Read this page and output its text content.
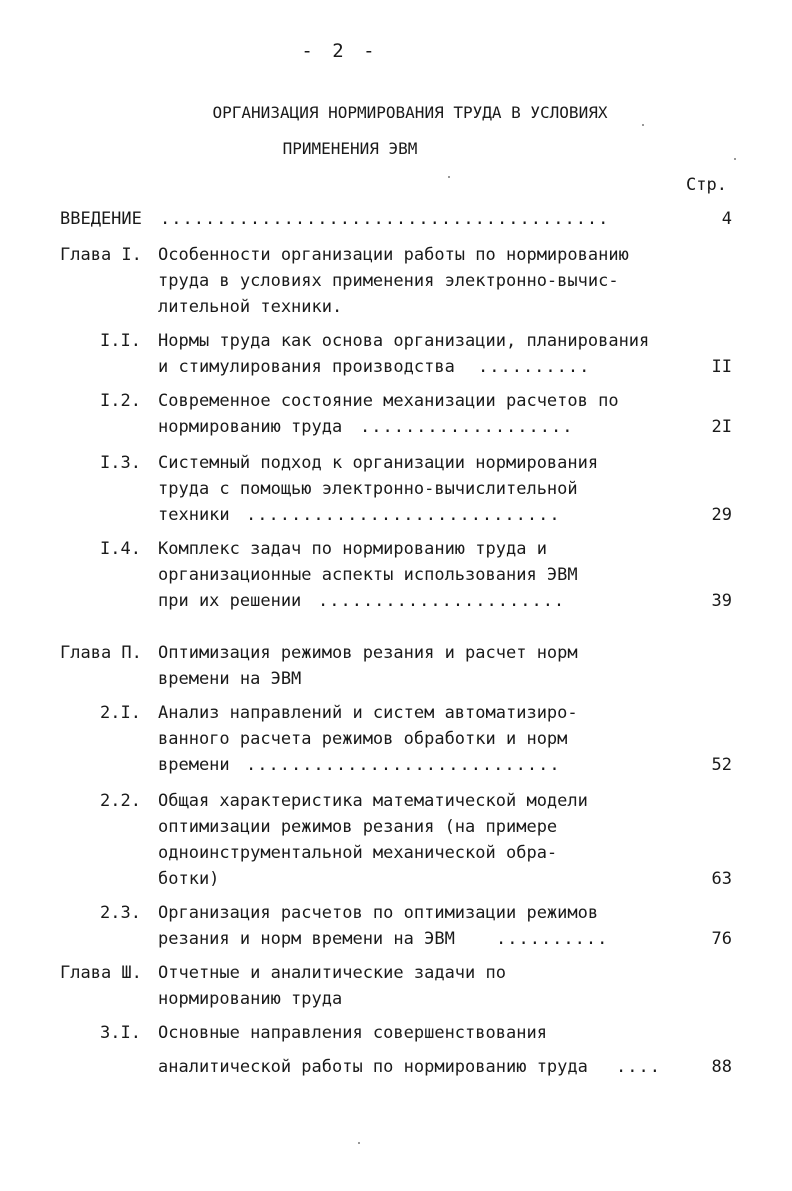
- 2 -
ОРГАНИЗАЦИЯ НОРМИРОВАНИЯ ТРУДА В УСЛОВИЯХ
ПРИМЕНЕНИЯ ЭВМ
Стр.
ВВЕДЕНИЕ ........................................	4
Глава I. Особенности организации работы по нормированию
труда в условиях применения электронно-вычис-
лительной техники.
I.I. Нормы труда как основа организации, планирования
и стимулирования производства ..........	II
I.2. Современное состояние механизации расчетов по
нормированию труда ...................	2I
I.3. Системный подход к организации нормирования
труда с помощью электронно-вычислительной
техники ............................	29
I.4. Комплекс задач по нормированию труда и
организационные аспекты использования ЭВМ
при их решении ......................	39
Глава П. Оптимизация режимов резания и расчет норм
времени на ЭВМ
2.I. Анализ направлений и систем автоматизиро-
ванного расчета режимов обработки и норм
времени ............................	52
2.2. Общая характеристика математической модели
оптимизации режимов резания (на примере
одноинструментальной механической обра-
ботки)	63
2.3. Организация расчетов по оптимизации режимов
резания и норм времени на ЭВМ ..........	76
Глава Ш. Отчетные и аналитические задачи по
нормированию труда
3.I. Основные направления совершенствования
аналитической работы по нормированию труда ....	88
